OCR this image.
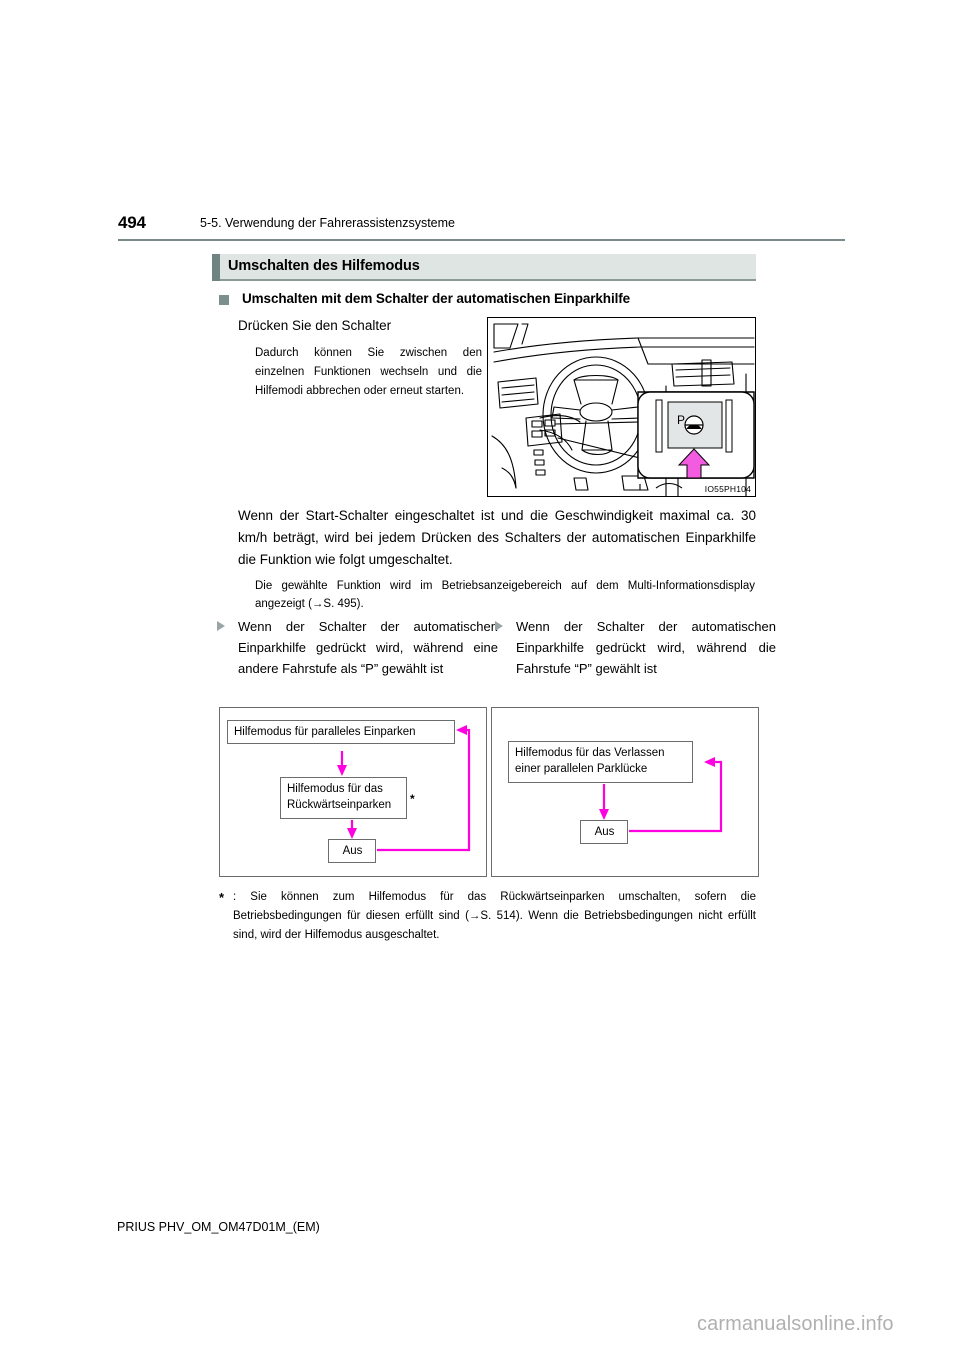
494	5-5. Verwendung der Fahrerassistenzsysteme
Umschalten des Hilfemodus
Umschalten mit dem Schalter der automatischen Einparkhilfe
Drücken Sie den Schalter
Dadurch können Sie zwischen den einzelnen Funktionen wechseln und die Hilfemodi abbrechen oder erneut starten.
P
IO55PH104
Wenn der Start-Schalter eingeschaltet ist und die Geschwindigkeit maximal ca. 30 km/h beträgt, wird bei jedem Drücken des Schalters der automatischen Einparkhilfe die Funktion wie folgt umgeschaltet.
Die gewählte Funktion wird im Betriebsanzeigebereich auf dem Multi-Informationsdisplay angezeigt (→S. 495).
Wenn der Schalter der automatischen Einparkhilfe gedrückt wird, während eine andere Fahrstufe als “P” gewählt ist
Wenn der Schalter der automatischen Einparkhilfe gedrückt wird, während die Fahrstufe “P” gewählt ist
Hilfemodus für paralleles Einparken
Hilfemodus für das
Rückwärtseinparken	*
Aus
Hilfemodus für das Verlassen
einer parallelen Parklücke
Aus
* : Sie können zum Hilfemodus für das Rückwärtseinparken umschalten, sofern die Betriebsbedingungen für diesen erfüllt sind (→S. 514). Wenn die Betriebsbedingungen nicht erfüllt sind, wird der Hilfemodus ausgeschaltet.
PRIUS PHV_OM_OM47D01M_(EM)
carmanualsonline.info
